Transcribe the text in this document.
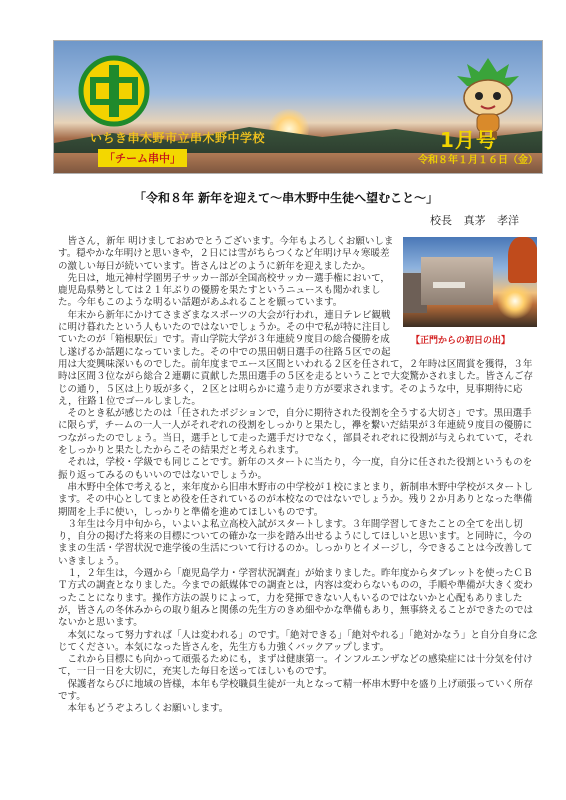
いちき串木野市立串木野中学校
「チーム串中」
1月号
令和８年１月１６日（金）
「令和８年 新年を迎えて～串木野中生徒へ望むこと～」
校長 真茅 孝洋
【正門からの初日の出】

皆さん，新年 明けましておめでとうございます。今年もよろしくお願いします。穏やかな年明けと思いきや，２日には雪がちらつくなど年明け早々寒暖差の激しい毎日が続いています。皆さんはどのように新年を迎えましたか。

先日は，地元神村学園男子サッカー部が全国高校サッカー選手権において，鹿児島県勢としては２１年ぶりの優勝を果たすというニュースも聞かれました。今年もこのような明るい話題があふれることを願っています。

年末から新年にかけてさまざまなスポーツの大会が行われ，連日テレビ観戦に明け暮れたという人もいたのではないでしょうか。その中で私が特に注目していたのが「箱根駅伝」です。青山学院大学が３年連続９度目の総合優勝を成し遂げるか話題になっていました。その中での黒田朝日選手の往路５区での起用は大変興味深いものでした。前年度までエース区間といわれる２区を任されて，２年時は区間賞を獲得，３年時は区間３位ながら総合２連覇に貢献した黒田選手の５区を走るということで大変驚かされました。皆さんご存じの通り，５区は上り坂が多く，２区とは明らかに違う走り方が要求されます。そのような中，見事期待に応え，往路１位でゴールしました。

そのとき私が感じたのは「任されたポジションで，自分に期待された役割を全うする大切さ」です。黒田選手に限らず，チームの一人一人がそれぞれの役割をしっかりと果たし，襷を繋いだ結果が３年連続９度目の優勝につながったのでしょう。当日，選手として走った選手だけでなく，部員それぞれに役割が与えられていて，それをしっかりと果たしたからこその結果だと考えられます。

それは，学校・学級でも同じことです。新年のスタートに当たり，今一度，自分に任された役割というものを振り返ってみるのもいいのではないでしょうか。

串木野中全体で考えると，来年度から旧串木野市の中学校が１校にまとまり，新制串木野中学校がスタートします。その中心としてまとめ役を任されているのが本校なのではないでしょうか。残り２か月ありとなった準備期間を上手に使い，しっかりと準備を進めてほしいものです。

３年生は今月中旬から，いよいよ私立高校入試がスタートします。３年間学習してきたことの全てを出し切り，自分の掲げた将来の目標についての確かな一歩を踏み出せるようにしてほしいと思います。と同時に，今のままの生活・学習状況で進学後の生活について行けるのか。しっかりとイメージし，今できることは今改善していきましょう。

１，２年生は，今週から「鹿児島学力・学習状況調査」が始まりました。昨年度からタブレットを使ったＣＢＴ方式の調査となりました。今までの紙媒体での調査とは，内容は変わらないものの，手順や準備が大きく変わったことになります。操作方法の誤りによって，力を発揮できない人もいるのではないかと心配もありましたが，皆さんの冬休みからの取り組みと関係の先生方のきめ細やかな準備もあり，無事終えることができたのではないかと思います。

本気になって努力すれば「人は変われる」のです。「絶対できる」「絶対やれる」「絶対かなう」と自分自身に念じてください。本気になった皆さんを，先生方も力強くバックアップします。

これから目標にも向かって頑張るためにも，まずは健康第一。インフルエンザなどの感染症には十分気を付けて，一日一日を大切に，充実した毎日を送ってほしいものです。

保護者ならびに地域の皆様，本年も学校職員生徒が一丸となって精一杯串木野中を盛り上げ頑張っていく所存です。

本年もどうぞよろしくお願いします。
